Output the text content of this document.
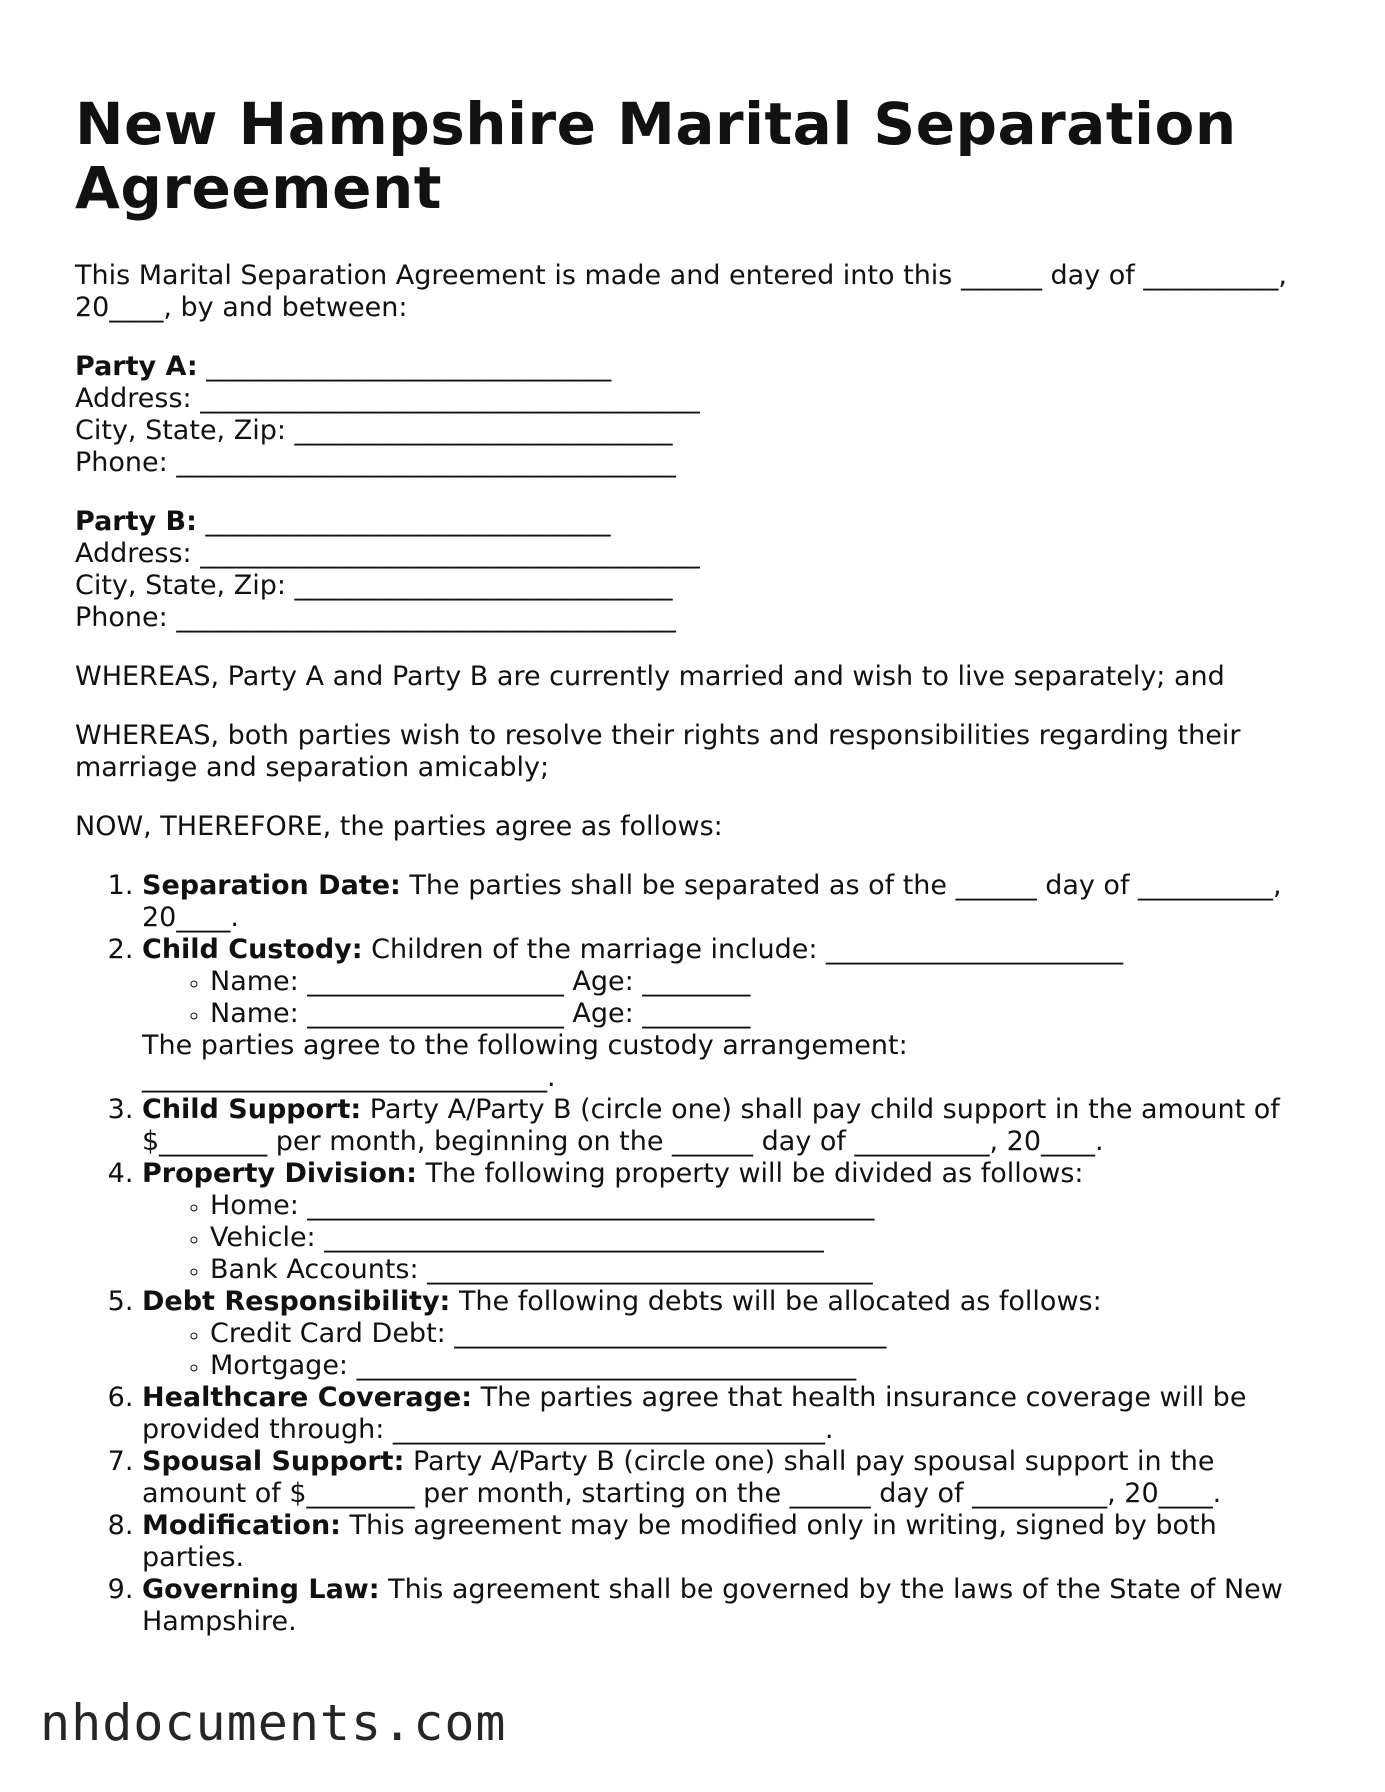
New Hampshire Marital Separation Agreement

This Marital Separation Agreement is made and entered into this ______ day of __________, 20____, by and between:

Party A: ______________________________
Address: _____________________________________
City, State, Zip: ____________________________
Phone: _____________________________________
Party B: ______________________________
Address: _____________________________________
City, State, Zip: ____________________________
Phone: _____________________________________

WHEREAS, Party A and Party B are currently married and wish to live separately; and

WHEREAS, both parties wish to resolve their rights and responsibilities regarding their marriage and separation amicably;

NOW, THEREFORE, the parties agree as follows:

1. Separation Date: The parties shall be separated as of the ______ day of __________, 20____.
2. Child Custody: Children of the marriage include: ______________________
◦ Name: ___________________ Age: ________
◦ Name: ___________________ Age: ________
The parties agree to the following custody arrangement: ______________________________.
3. Child Support: Party A/Party B (circle one) shall pay child support in the amount of $________ per month, beginning on the ______ day of __________, 20____.
4. Property Division: The following property will be divided as follows:
◦ Home: __________________________________________
◦ Vehicle: _____________________________________
◦ Bank Accounts: _________________________________
5. Debt Responsibility: The following debts will be allocated as follows:
◦ Credit Card Debt: ________________________________
◦ Mortgage: _____________________________________
6. Healthcare Coverage: The parties agree that health insurance coverage will be provided through: ________________________________.
7. Spousal Support: Party A/Party B (circle one) shall pay spousal support in the amount of $________ per month, starting on the ______ day of __________, 20____.
8. Modification: This agreement may be modified only in writing, signed by both parties.
9. Governing Law: This agreement shall be governed by the laws of the State of New Hampshire.
nhdocuments.com
